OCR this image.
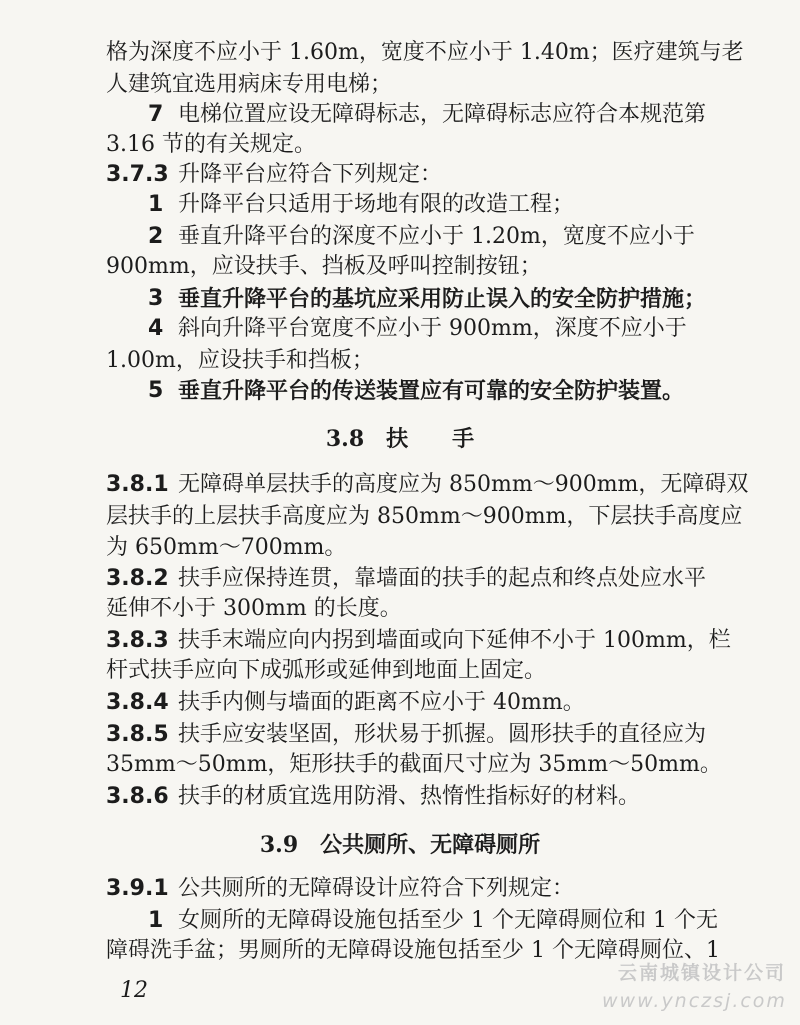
格为深度不应小于 1.60m，宽度不应小于 1.40m；医疗建筑与老
人建筑宜选用病床专用电梯；
7 电梯位置应设无障碍标志，无障碍标志应符合本规范第
3.16 节的有关规定。
3.7.3 升降平台应符合下列规定：
1 升降平台只适用于场地有限的改造工程；
2 垂直升降平台的深度不应小于 1.20m，宽度不应小于
900mm，应设扶手、挡板及呼叫控制按钮；
3 垂直升降平台的基坑应采用防止误入的安全防护措施；
4 斜向升降平台宽度不应小于 900mm，深度不应小于
1.00m，应设扶手和挡板；
5 垂直升降平台的传送装置应有可靠的安全防护装置。
3.8　扶　　手
3.8.1 无障碍单层扶手的高度应为 850mm～900mm，无障碍双
层扶手的上层扶手高度应为 850mm～900mm，下层扶手高度应
为 650mm～700mm。
3.8.2 扶手应保持连贯，靠墙面的扶手的起点和终点处应水平
延伸不小于 300mm 的长度。
3.8.3 扶手末端应向内拐到墙面或向下延伸不小于 100mm，栏
杆式扶手应向下成弧形或延伸到地面上固定。
3.8.4 扶手内侧与墙面的距离不应小于 40mm。
3.8.5 扶手应安装坚固，形状易于抓握。圆形扶手的直径应为
35mm～50mm，矩形扶手的截面尺寸应为 35mm～50mm。
3.8.6 扶手的材质宜选用防滑、热惰性指标好的材料。
3.9　公共厕所、无障碍厕所
3.9.1 公共厕所的无障碍设计应符合下列规定：
1 女厕所的无障碍设施包括至少 1 个无障碍厕位和 1 个无
障碍洗手盆；男厕所的无障碍设施包括至少 1 个无障碍厕位、1
12
云南城镇设计公司
www.ynczsj.com
